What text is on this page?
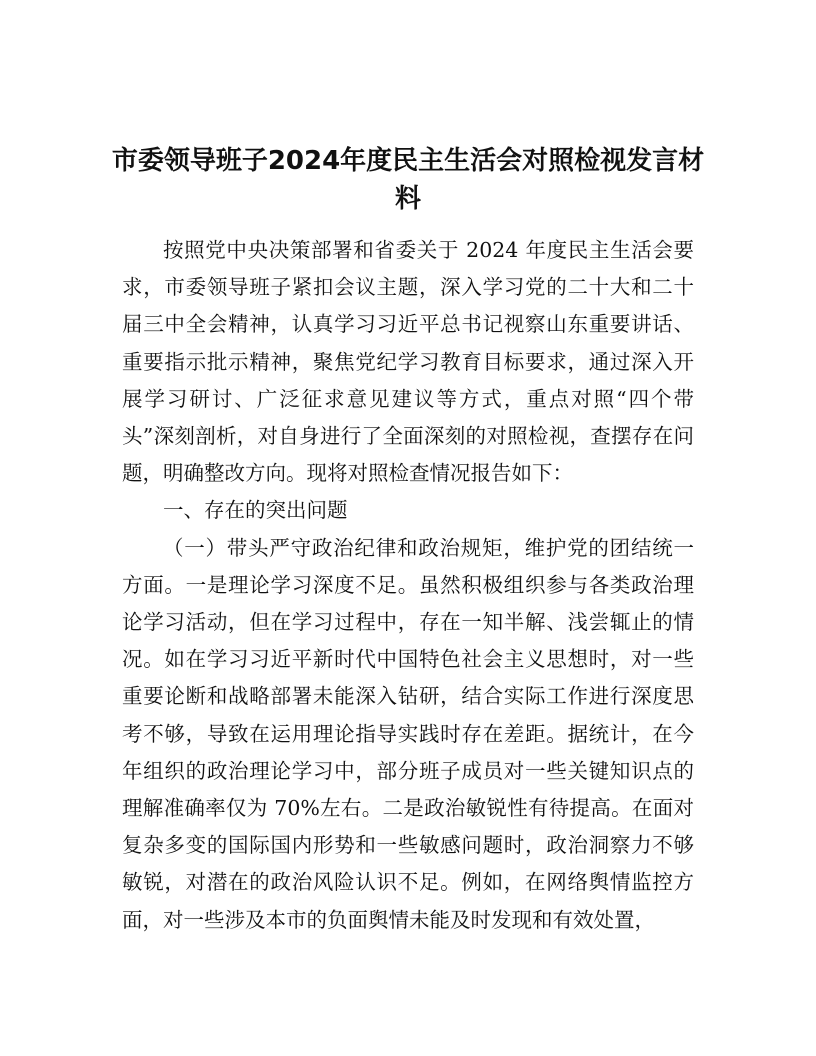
市委领导班子2024年度民主生活会对照检视发言材料

按照党中央决策部署和省委关于 2024 年度民主生活会要求，市委领导班子紧扣会议主题，深入学习党的二十大和二十届三中全会精神，认真学习习近平总书记视察山东重要讲话、重要指示批示精神，聚焦党纪学习教育目标要求，通过深入开展学习研讨、广泛征求意见建议等方式，重点对照“四个带头”深刻剖析，对自身进行了全面深刻的对照检视，查摆存在问题，明确整改方向。现将对照检查情况报告如下：

一、存在的突出问题

（一）带头严守政治纪律和政治规矩，维护党的团结统一方面。一是理论学习深度不足。虽然积极组织参与各类政治理论学习活动，但在学习过程中，存在一知半解、浅尝辄止的情况。如在学习习近平新时代中国特色社会主义思想时，对一些重要论断和战略部署未能深入钻研，结合实际工作进行深度思考不够，导致在运用理论指导实践时存在差距。据统计，在今年组织的政治理论学习中，部分班子成员对一些关键知识点的理解准确率仅为 70%左右。二是政治敏锐性有待提高。在面对复杂多变的国际国内形势和一些敏感问题时，政治洞察力不够敏锐，对潜在的政治风险认识不足。例如，在网络舆情监控方面，对一些涉及本市的负面舆情未能及时发现和有效处置，
